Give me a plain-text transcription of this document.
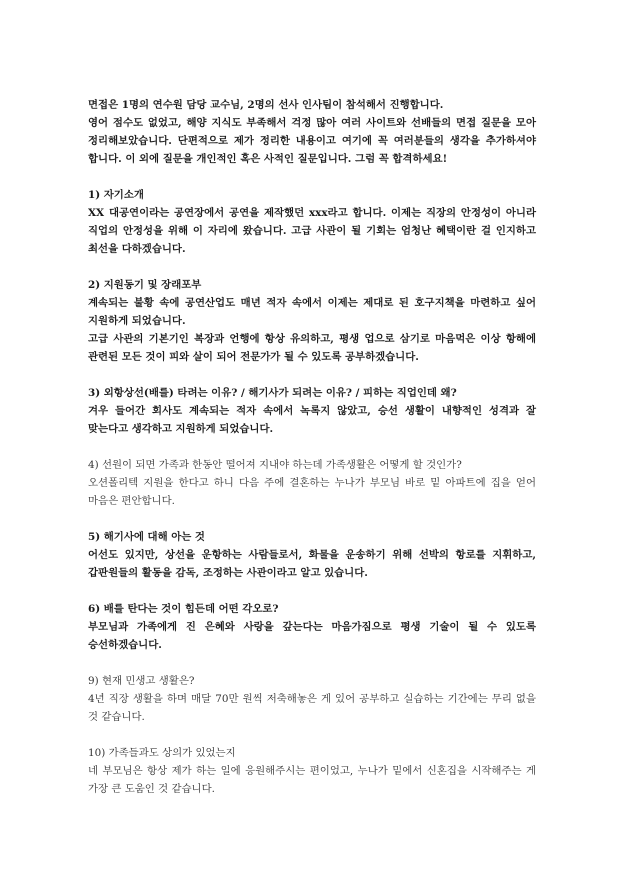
면접은 1명의 연수원 담당 교수님, 2명의 선사 인사팀이 참석해서 진행합니다.

영어 점수도 없었고, 해양 지식도 부족해서 걱정 많아 여러 사이트와 선배들의 면접 질문을 모아 정리해보았습니다. 단편적으로 제가 정리한 내용이고 여기에 꼭 여러분들의 생각을 추가하셔야 합니다. 이 외에 질문을 개인적인 혹은 사적인 질문입니다. 그럼 꼭 합격하세요!

1) 자기소개

XX 대공연이라는 공연장에서 공연을 제작했던 xxx라고 합니다. 이제는 직장의 안정성이 아니라 직업의 안정성을 위해 이 자리에 왔습니다. 고급 사관이 될 기회는 엄청난 혜택이란 걸 인지하고 최선을 다하겠습니다.

2) 지원동기 및 장래포부

계속되는 불황 속에 공연산업도 매년 적자 속에서 이제는 제대로 된 호구지책을 마련하고 싶어 지원하게 되었습니다.

고급 사관의 기본기인 복장과 언행에 항상 유의하고, 평생 업으로 삼기로 마음먹은 이상 항해에 관련된 모든 것이 피와 살이 되어 전문가가 될 수 있도록 공부하겠습니다.

3) 외항상선(배를) 타려는 이유? / 해기사가 되려는 이유? / 피하는 직업인데 왜?

겨우 들어간 회사도 계속되는 적자 속에서 녹록지 않았고, 승선 생활이 내향적인 성격과 잘 맞는다고 생각하고 지원하게 되었습니다.

4) 선원이 되면 가족과 한동안 떨어져 지내야 하는데 가족생활은 어떻게 할 것인가?

오션폴리텍 지원을 한다고 하니 다음 주에 결혼하는 누나가 부모님 바로 밑 아파트에 집을 얻어 마음은 편안합니다.

5) 해기사에 대해 아는 것

어선도 있지만, 상선을 운항하는 사람들로서, 화물을 운송하기 위해 선박의 항로를 지휘하고, 갑판원들의 활동을 감독, 조정하는 사관이라고 알고 있습니다.

6) 배를 탄다는 것이 힘든데 어떤 각오로?

부모님과 가족에게 진 은혜와 사랑을 갚는다는 마음가짐으로 평생 기술이 될 수 있도록 승선하겠습니다.

9) 현재 민생고 생활은?

4년 직장 생활을 하며 매달 70만 원씩 저축해놓은 게 있어 공부하고 실습하는 기간에는 무리 없을 것 같습니다.

10) 가족들과도 상의가 있었는지

네 부모님은 항상 제가 하는 일에 응원해주시는 편이었고, 누나가 밑에서 신혼집을 시작해주는 게 가장 큰 도움인 것 같습니다.
